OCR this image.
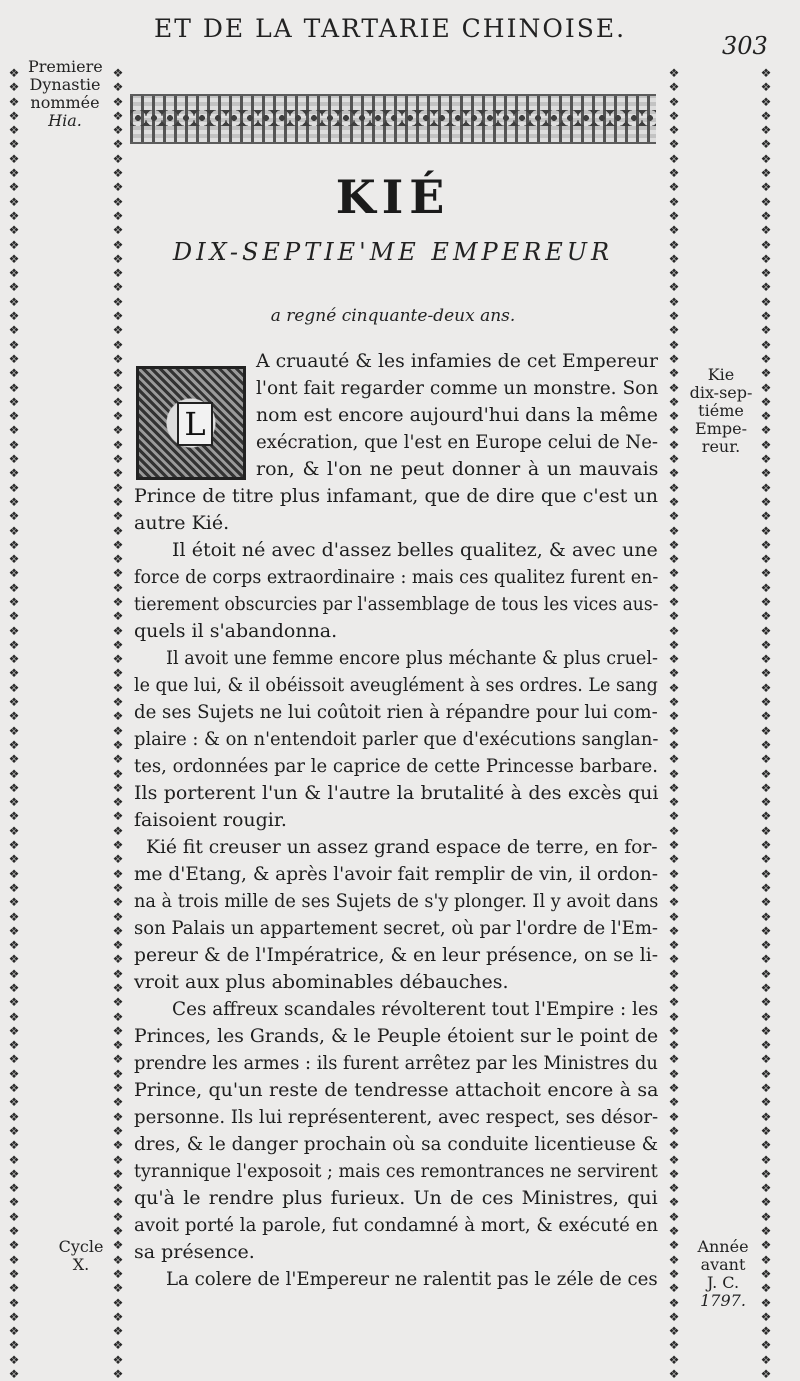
ET DE LA TARTARIE CHINOISE.
303
Premiere
Dynastie
nommée
Hia.
Kie
dix-sep-
tiéme
Empe-
reur.
Cycle
X.
Année
avant
J. C.
1797.
❖
❖
❖
❖
❖
❖
❖
❖
❖
❖
❖
❖
❖
❖
❖
❖
❖
❖
❖
❖
❖
❖
❖
❖
❖
❖
❖
❖
❖
❖
❖
❖
❖
❖
❖
❖
❖
❖
❖
❖
❖
❖
❖
❖
❖
❖
❖
❖
❖
❖
❖
❖
❖
❖
❖
❖
❖
❖
❖
❖
❖
❖
❖
❖
❖
❖
❖
❖
❖
❖
❖
❖
❖
❖
❖
❖
❖
❖
❖
❖
❖
❖
❖
❖
❖
❖
❖
❖
❖
❖
❖
❖
❖
❖
❖
❖
❖
❖
❖
❖
❖
❖
❖
❖
❖
❖
❖
❖
❖
❖
❖
❖
❖
❖
❖
❖
❖
❖
❖
❖
❖
❖
❖
❖
❖
❖
❖
❖
❖
❖
❖
❖
❖
❖
❖
❖
❖
❖
❖
❖
❖
❖
❖
❖
❖
❖
❖
❖
❖
❖
❖
❖
❖
❖
❖
❖
❖
❖
❖
❖
❖
❖
❖
❖
❖
❖
❖
❖
❖
❖
❖
❖
❖
❖
❖
❖
❖
❖
❖
❖
❖
❖
❖
❖
❖
❖
❖
❖
❖
❖
❖
❖
❖
❖
❖
❖
❖
❖
❖
❖
❖
❖
❖
❖
❖
❖
❖
❖
❖
❖
❖
❖
❖
❖
❖
❖
❖
❖
❖
❖
❖
❖
❖
❖
❖
❖
❖
❖
❖
❖
❖
❖
❖
❖
❖
❖
❖
❖
❖
❖
❖
❖
❖
❖
❖
❖
❖
❖
❖
❖
❖
❖
❖
❖
❖
❖
❖
❖
❖
❖
❖
❖
❖
❖
❖
❖
❖
❖
❖
❖
❖
❖
❖
❖
❖
❖
❖
❖
❖
❖
❖
❖
❖
❖
❖
❖
❖
❖
❖
❖
❖
❖
❖
❖
❖
❖
❖
❖
❖
❖
❖
❖
❖
❖
❖
❖
❖
❖
❖
❖
❖
❖
❖
❖
❖
❖
❖
❖
❖
❖
❖
❖
❖
❖
❖
❖
❖
❖
❖
❖
❖
❖
❖
❖
❖
❖
❖
❖
❖
❖
❖
❖
❖
❖
❖
❖
❖
❖
❖
❖
❖
❖
❖
❖
❖
❖
❖
❖
❖
❖
❖
❖
❖
❖
❖
❖
❖
❖
KIÉ
DIX-SEPTIE'ME EMPEREUR
a regné cinquante-deux ans.
L
A cruauté & les infamies de cet Empereur
l'ont fait regarder comme un monstre. Son
nom est encore aujourd'hui dans la même
exécration, que l'est en Europe celui de Ne-
ron, & l'on ne peut donner à un mauvais
Prince de titre plus infamant, que de dire que c'est un
autre Kié.
Il étoit né avec d'assez belles qualitez, & avec une
force de corps extraordinaire : mais ces qualitez furent en-
tierement obscurcies par l'assemblage de tous les vices aus-
quels il s'abandonna.
Il avoit une femme encore plus méchante & plus cruel-
le que lui, & il obéissoit aveuglément à ses ordres. Le sang
de ses Sujets ne lui coûtoit rien à répandre pour lui com-
plaire : & on n'entendoit parler que d'exécutions sanglan-
tes, ordonnées par le caprice de cette Princesse barbare.
Ils porterent l'un & l'autre la brutalité à des excès qui
faisoient rougir.
Kié fit creuser un assez grand espace de terre, en for-
me d'Etang, & après l'avoir fait remplir de vin, il ordon-
na à trois mille de ses Sujets de s'y plonger. Il y avoit dans
son Palais un appartement secret, où par l'ordre de l'Em-
pereur & de l'Impératrice, & en leur présence, on se li-
vroit aux plus abominables débauches.
Ces affreux scandales révolterent tout l'Empire : les
Princes, les Grands, & le Peuple étoient sur le point de
prendre les armes : ils furent arrêtez par les Ministres du
Prince, qu'un reste de tendresse attachoit encore à sa
personne. Ils lui représenterent, avec respect, ses désor-
dres, & le danger prochain où sa conduite licentieuse &
tyrannique l'exposoit ; mais ces remontrances ne servirent
qu'à le rendre plus furieux. Un de ces Ministres, qui
avoit porté la parole, fut condamné à mort, & exécuté en
sa présence.
La colere de l'Empereur ne ralentit pas le zéle de ces
